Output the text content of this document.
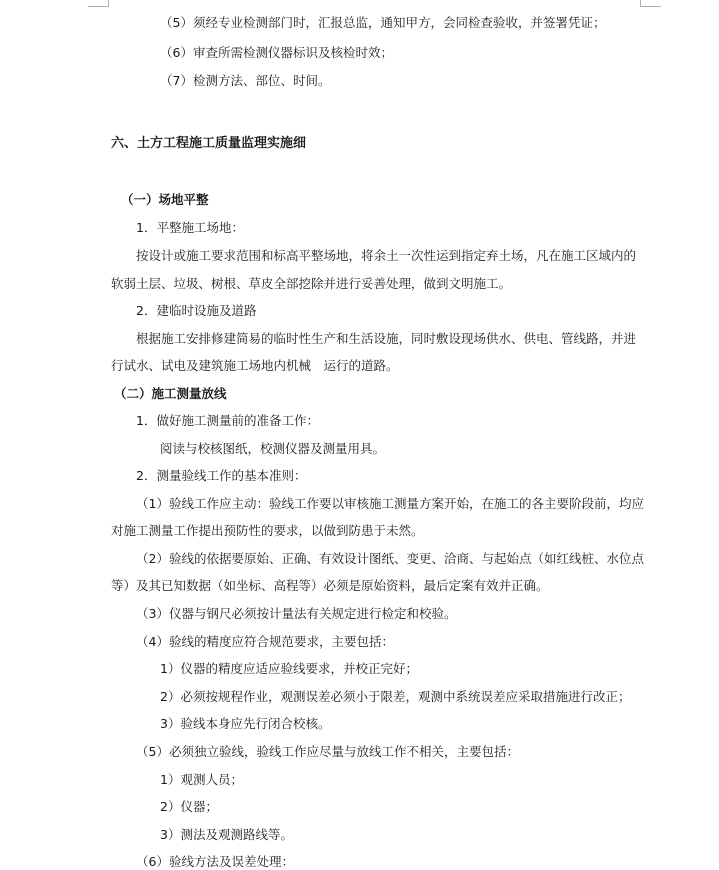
（5）须经专业检测部门时，汇报总监，通知甲方，会同检查验收，并签署凭证；
（6）审查所需检测仪器标识及核检时效；
（7）检测方法、部位、时间。
六、土方工程施工质量监理实施细
（一）场地平整
1．平整施工场地：
按设计或施工要求范围和标高平整场地，将余土一次性运到指定弃土场，凡在施工区域内的
软弱土层、垃圾、树根、草皮全部挖除并进行妥善处理，做到文明施工。
2．建临时设施及道路
根据施工安排修建简易的临时性生产和生活设施，同时敷设现场供水、供电、管线路，并进
行试水、试电及建筑施工场地内机械　运行的道路。
（二）施工测量放线
1．做好施工测量前的准备工作：
阅读与校核图纸，校测仪器及测量用具。
2．测量验线工作的基本准则：
（1）验线工作应主动：验线工作要以审核施工测量方案开始，在施工的各主要阶段前，均应
对施工测量工作提出预防性的要求，以做到防患于未然。
（2）验线的依据要原始、正确、有效设计图纸、变更、洽商、与起始点（如红线桩、水位点
等）及其已知数据（如坐标、高程等）必须是原始资料，最后定案有效并正确。
（3）仪器与钢尺必须按计量法有关规定进行检定和校验。
（4）验线的精度应符合规范要求，主要包括：
1）仪器的精度应适应验线要求，并校正完好；
2）必须按规程作业，观测误差必须小于限差，观测中系统误差应采取措施进行改正；
3）验线本身应先行闭合校核。
（5）必须独立验线，验线工作应尽量与放线工作不相关，主要包括：
1）观测人员；
2）仪器；
3）测法及观测路线等。
（6）验线方法及误差处理：
